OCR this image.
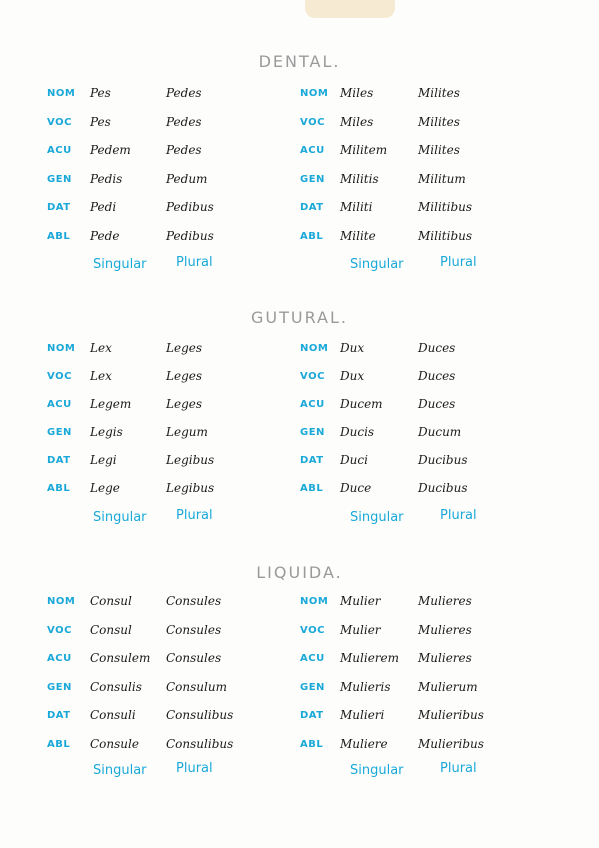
DENTAL.
NOM Pes	Pedes
VOC Pes	Pedes
ACU Pedem	Pedes
GEN Pedis	Pedum
DAT Pedi	Pedibus
ABL Pede	Pedibus
Singular Plural
NOM Miles	Milites
VOC Miles	Milites
ACU Militem	Milites
GEN Militis	Militum
DAT Militi	Militibus
ABL Milite	Militibus
Singular	Plural
GUTURAL.
NOM Lex	Leges
VOC Lex	Leges
ACU Legem	Leges
GEN Legis	Legum
DAT Legi	Legibus
ABL Lege	Legibus
Singular Plural
NOM Dux	Duces
VOC Dux	Duces
ACU Ducem	Duces
GEN Ducis	Ducum
DAT Duci	Ducibus
ABL Duce	Ducibus
Singular	Plural
LIQUIDA.
NOM Consul	Consules
VOC Consul	Consules
ACU Consulem Consules
GEN Consulis Consulum
DAT Consuli	Consulibus
ABL Consule Consulibus
Singular Plural
NOM Mulier	Mulieres
VOC Mulier	Mulieres
ACU Mulierem Mulieres
GEN Mulieris Mulierum
DAT Mulieri	Mulieribus
ABL Muliere	Mulieribus
Singular	Plural
